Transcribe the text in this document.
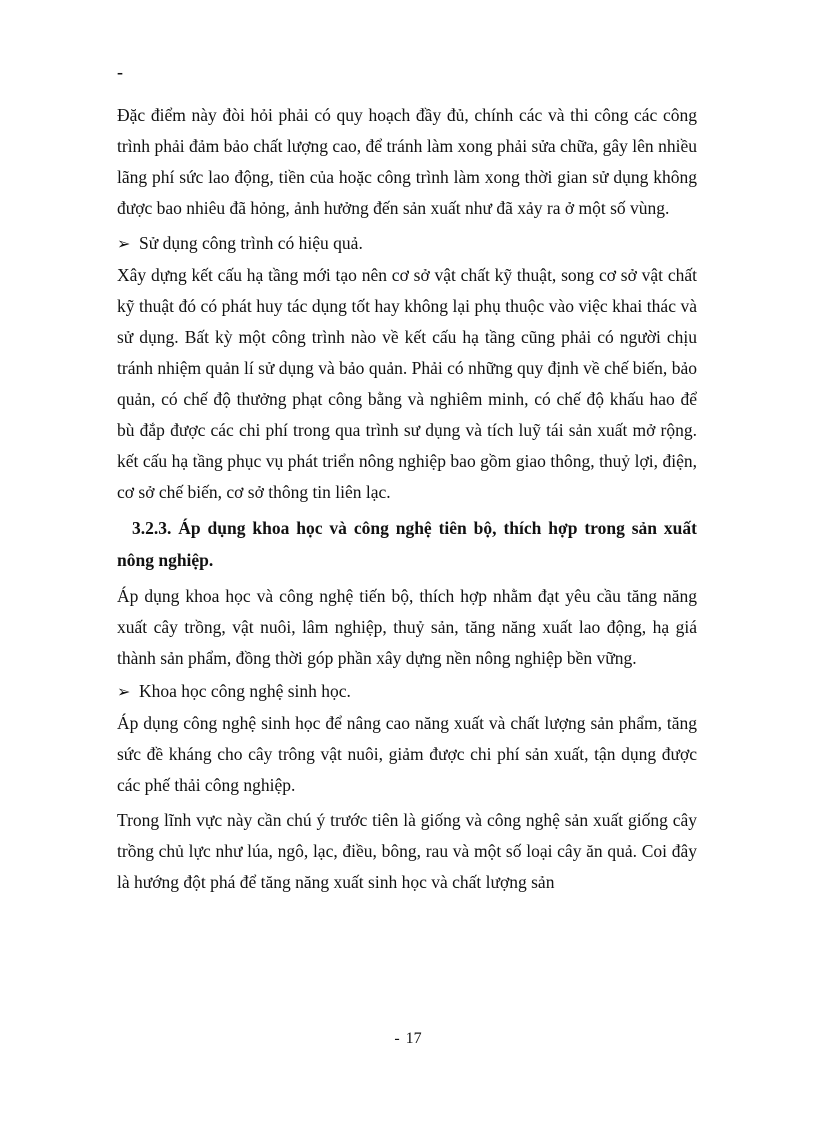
-

Đặc điểm này đòi hỏi phải có quy hoạch đầy đủ, chính các và thi công các công trình phải đảm bảo chất lượng cao, để tránh làm xong phải sửa chữa, gây lên nhiều lãng phí sức lao động, tiền của hoặc công trình làm xong thời gian sử dụng không được bao nhiêu đã hỏng, ảnh hưởng đến sản xuất như đã xảy ra ở một số vùng.

➢ Sử dụng công trình có hiệu quả.

Xây dựng kết cấu hạ tầng mới tạo nên cơ sở vật chất kỹ thuật, song cơ sở vật chất kỹ thuật đó có phát huy tác dụng tốt hay không lại phụ thuộc vào việc khai thác và sử dụng. Bất kỳ một công trình nào về kết cấu hạ tầng cũng phải có người chịu tránh nhiệm quản lí sử dụng và bảo quản. Phải có những quy định về chế biến, bảo quản, có chế độ thưởng phạt công bằng và nghiêm minh, có chế độ khấu hao để bù đắp được các chi phí trong qua trình sư dụng và tích luỹ tái sản xuất mở rộng. kết cấu hạ tầng phục vụ phát triển nông nghiệp bao gồm giao thông, thuỷ lợi, điện, cơ sở chế biến, cơ sở thông tin liên lạc.

3.2.3. Áp dụng khoa học và công nghệ tiên bộ, thích hợp trong sản xuất nông nghiệp.

Áp dụng khoa học và công nghệ tiến bộ, thích hợp nhằm đạt yêu cầu tăng năng xuất cây trồng, vật nuôi, lâm nghiệp, thuỷ sản, tăng năng xuất lao động, hạ giá thành sản phẩm, đồng thời góp phần xây dựng nền nông nghiệp bền vững.

➢ Khoa học công nghệ sinh học.

Áp dụng công nghệ sinh học để nâng cao năng xuất và chất lượng sản phẩm, tăng sức đề kháng cho cây trông vật nuôi, giảm được chi phí sản xuất, tận dụng được các phế thải công nghiệp.

Trong lĩnh vực này cần chú ý trước tiên là giống và công nghệ sản xuất giống cây trồng chủ lực như lúa, ngô, lạc, điều, bông, rau và một số loại cây ăn quả. Coi đây là hướng đột phá để tăng năng xuất sinh học và chất lượng sản

- 17
